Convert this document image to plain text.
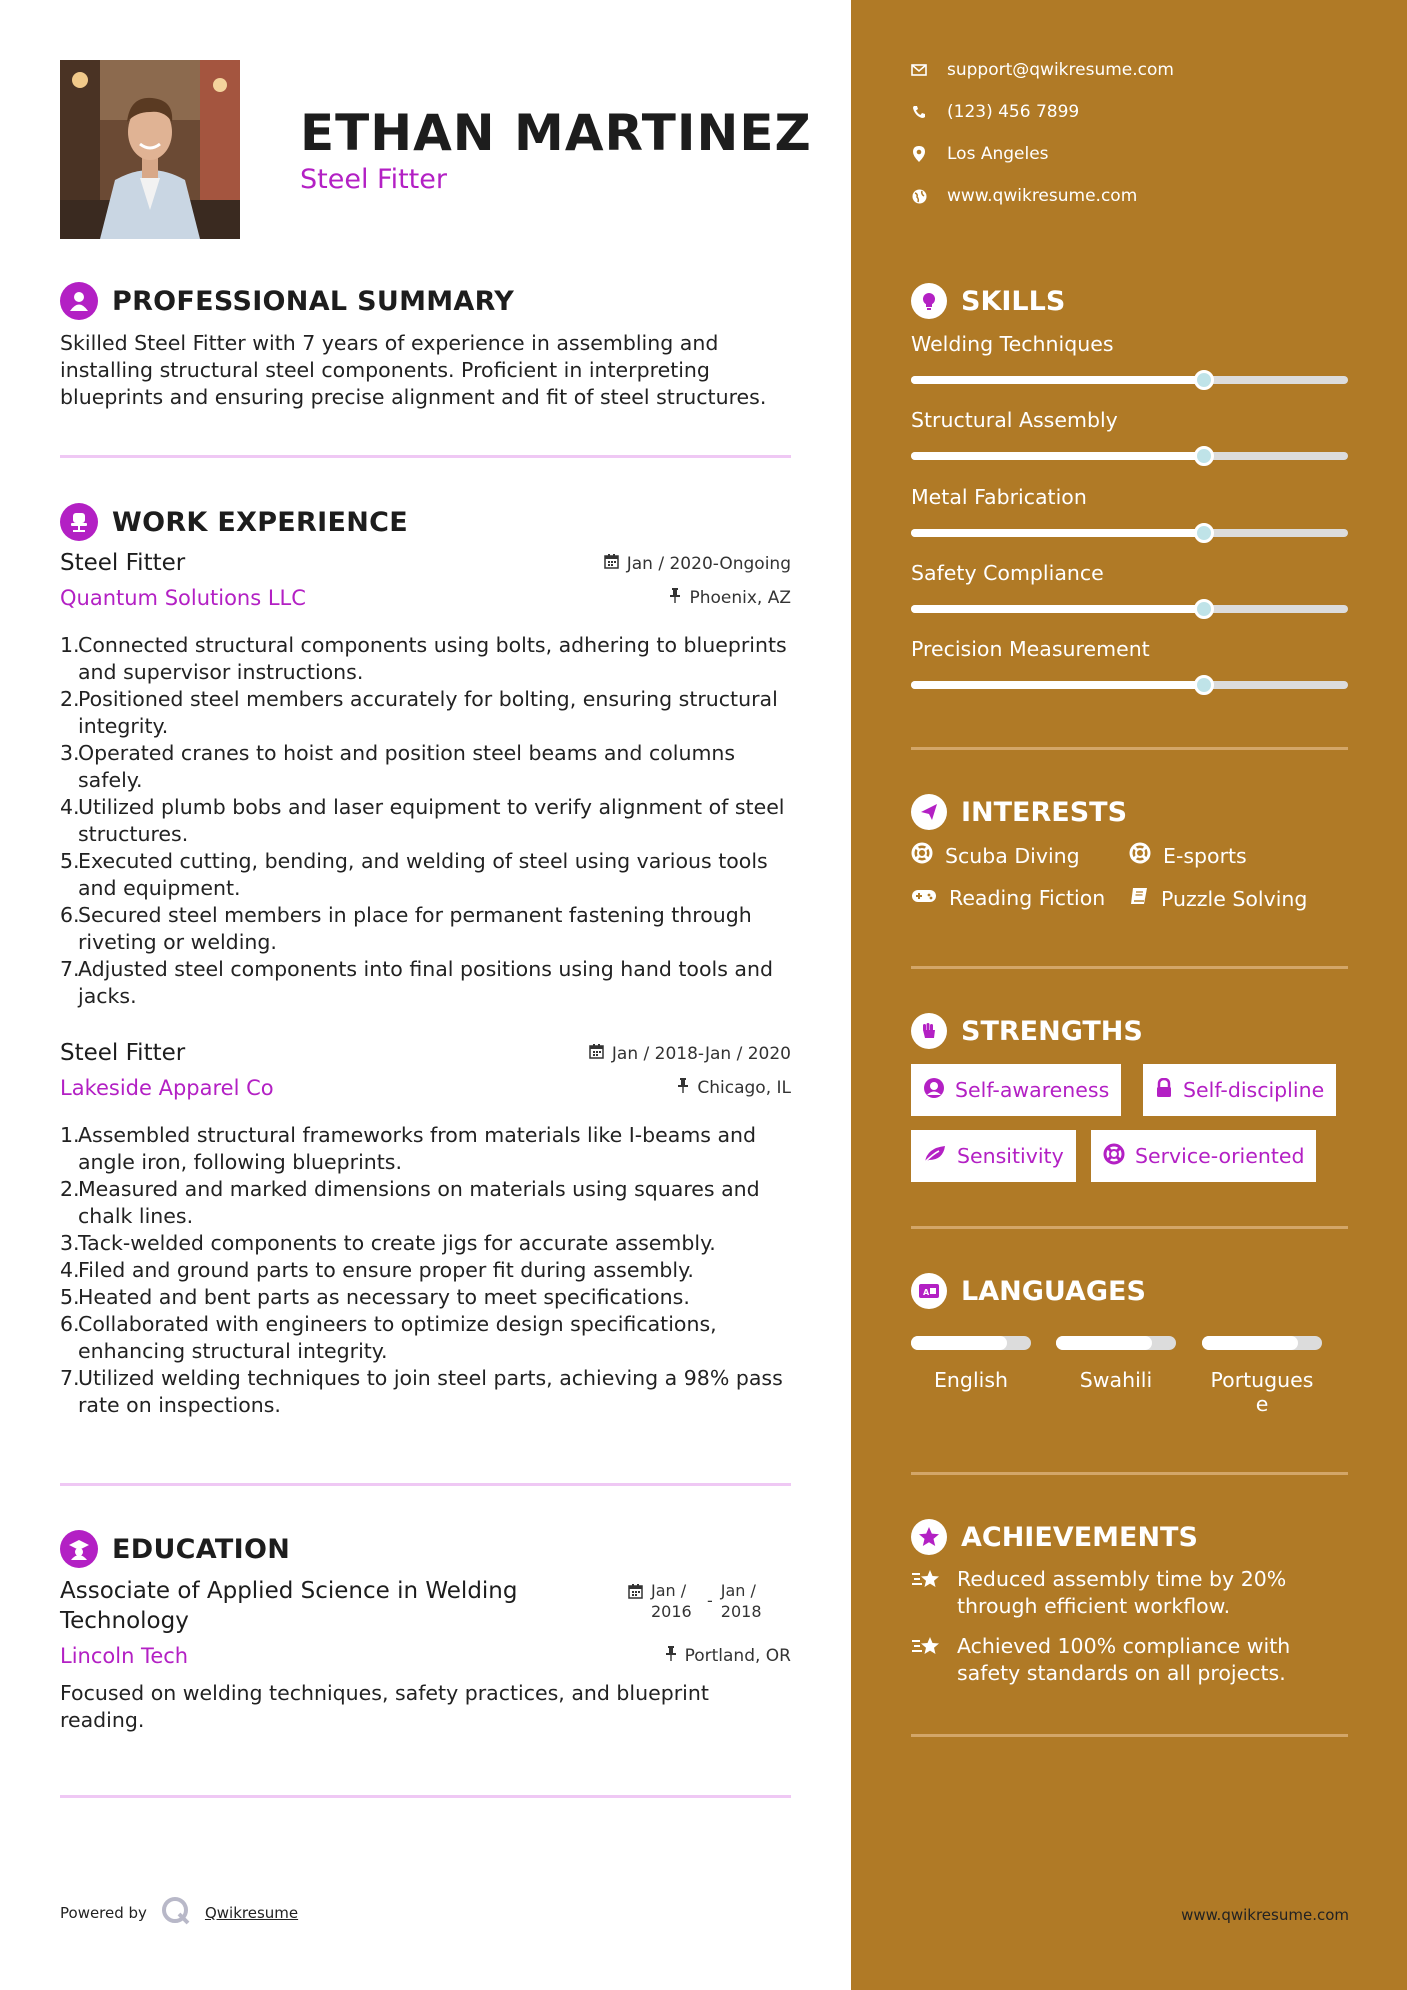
ETHAN MARTINEZ
Steel Fitter
PROFESSIONAL SUMMARY
Skilled Steel Fitter with 7 years of experience in assembling and installing structural steel components. Proficient in interpreting blueprints and ensuring precise alignment and fit of steel structures.
WORK EXPERIENCE
Steel Fitter
Quantum Solutions LLC
Jan / 2020-Ongoing
Phoenix, AZ
1.
Connected structural components using bolts, adhering to blueprints and supervisor instructions.
2.
Positioned steel members accurately for bolting, ensuring structural integrity.
3.
Operated cranes to hoist and position steel beams and columns safely.
4.
Utilized plumb bobs and laser equipment to verify alignment of steel structures.
5.
Executed cutting, bending, and welding of steel using various tools and equipment.
6.
Secured steel members in place for permanent fastening through riveting or welding.
7.
Adjusted steel components into final positions using hand tools and jacks.
Steel Fitter
Lakeside Apparel Co
Jan / 2018-Jan / 2020
Chicago, IL
1.
Assembled structural frameworks from materials like I-beams and angle iron, following blueprints.
2.
Measured and marked dimensions on materials using squares and chalk lines.
3.
Tack-welded components to create jigs for accurate assembly.
4.
Filed and ground parts to ensure proper fit during assembly.
5.
Heated and bent parts as necessary to meet specifications.
6.
Collaborated with engineers to optimize design specifications, enhancing structural integrity.
7.
Utilized welding techniques to join steel parts, achieving a 98% pass rate on inspections.
EDUCATION
Associate of Applied Science in Welding Technology
Lincoln Tech
Jan / 2016
-
Jan / 2018
Portland, OR
Focused on welding techniques, safety practices, and blueprint reading.
Powered by	Qwikresume
support@qwikresume.com
(123) 456 7899
Los Angeles
www.qwikresume.com
SKILLS
Welding Techniques
Structural Assembly
Metal Fabrication
Safety Compliance
Precision Measurement
INTERESTS
Scuba Diving	E-sports
Reading Fiction	Puzzle Solving
STRENGTHS
Self-awareness	Self-discipline
Sensitivity	Service-oriented
A LANGUAGES
English	Swahili	Portugues
e
ACHIEVEMENTS
Reduced assembly time by 20% through efficient workflow.
Achieved 100% compliance with safety standards on all projects.
www.qwikresume.com
